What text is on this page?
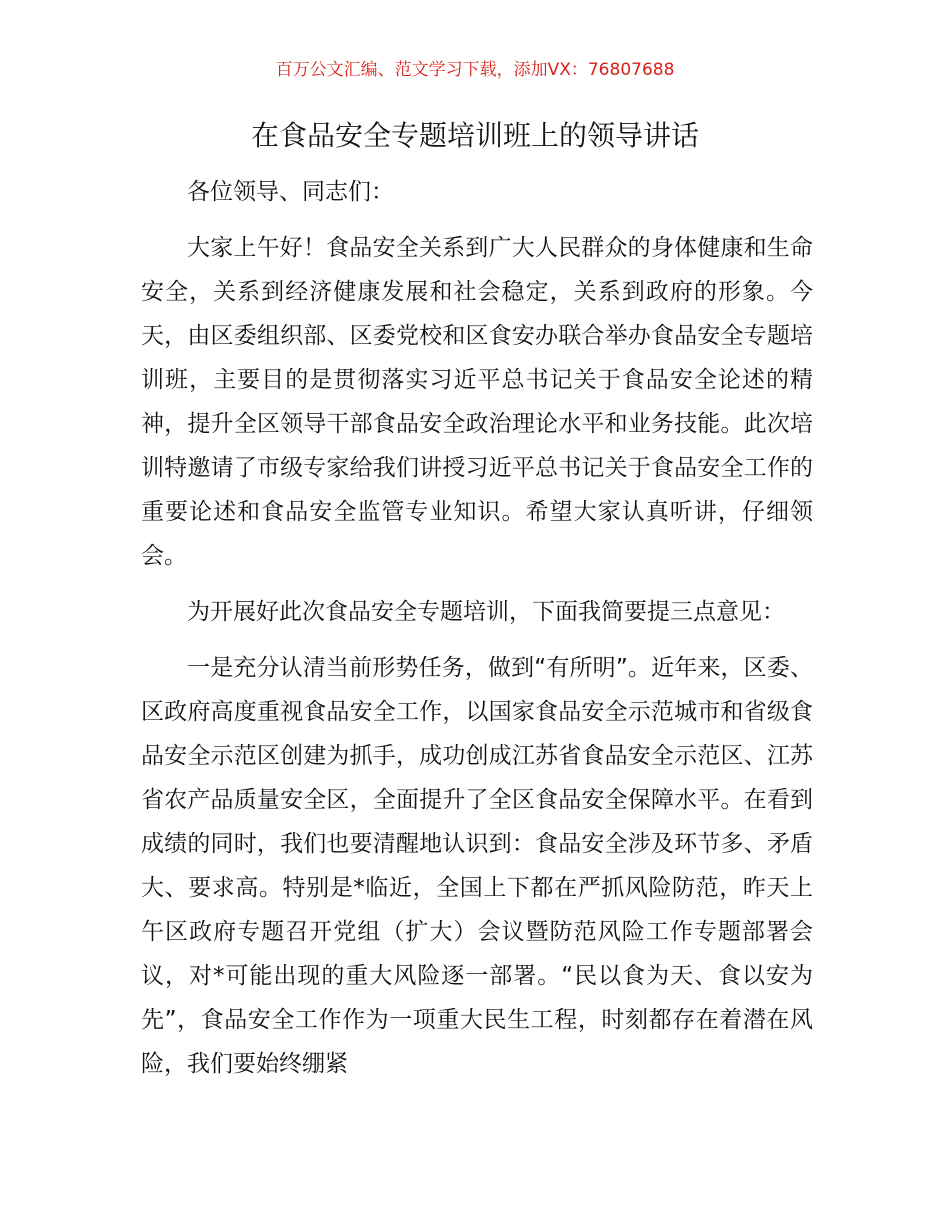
百万公文汇编、范文学习下载，添加VX：76807688
在食品安全专题培训班上的领导讲话

各位领导、同志们：

大家上午好！食品安全关系到广大人民群众的身体健康和生命安全，关系到经济健康发展和社会稳定，关系到政府的形象。今天，由区委组织部、区委党校和区食安办联合举办食品安全专题培训班，主要目的是贯彻落实习近平总书记关于食品安全论述的精神，提升全区领导干部食品安全政治理论水平和业务技能。此次培训特邀请了市级专家给我们讲授习近平总书记关于食品安全工作的重要论述和食品安全监管专业知识。希望大家认真听讲，仔细领会。

为开展好此次食品安全专题培训，下面我简要提三点意见：

一是充分认清当前形势任务，做到“有所明”。近年来，区委、区政府高度重视食品安全工作，以国家食品安全示范城市和省级食品安全示范区创建为抓手，成功创成江苏省食品安全示范区、江苏省农产品质量安全区，全面提升了全区食品安全保障水平。在看到成绩的同时，我们也要清醒地认识到：食品安全涉及环节多、矛盾大、要求高。特别是*临近，全国上下都在严抓风险防范，昨天上午区政府专题召开党组（扩大）会议暨防范风险工作专题部署会议，对*可能出现的重大风险逐一部署。“民以食为天、食以安为先”，食品安全工作作为一项重大民生工程，时刻都存在着潜在风险，我们要始终绷紧
